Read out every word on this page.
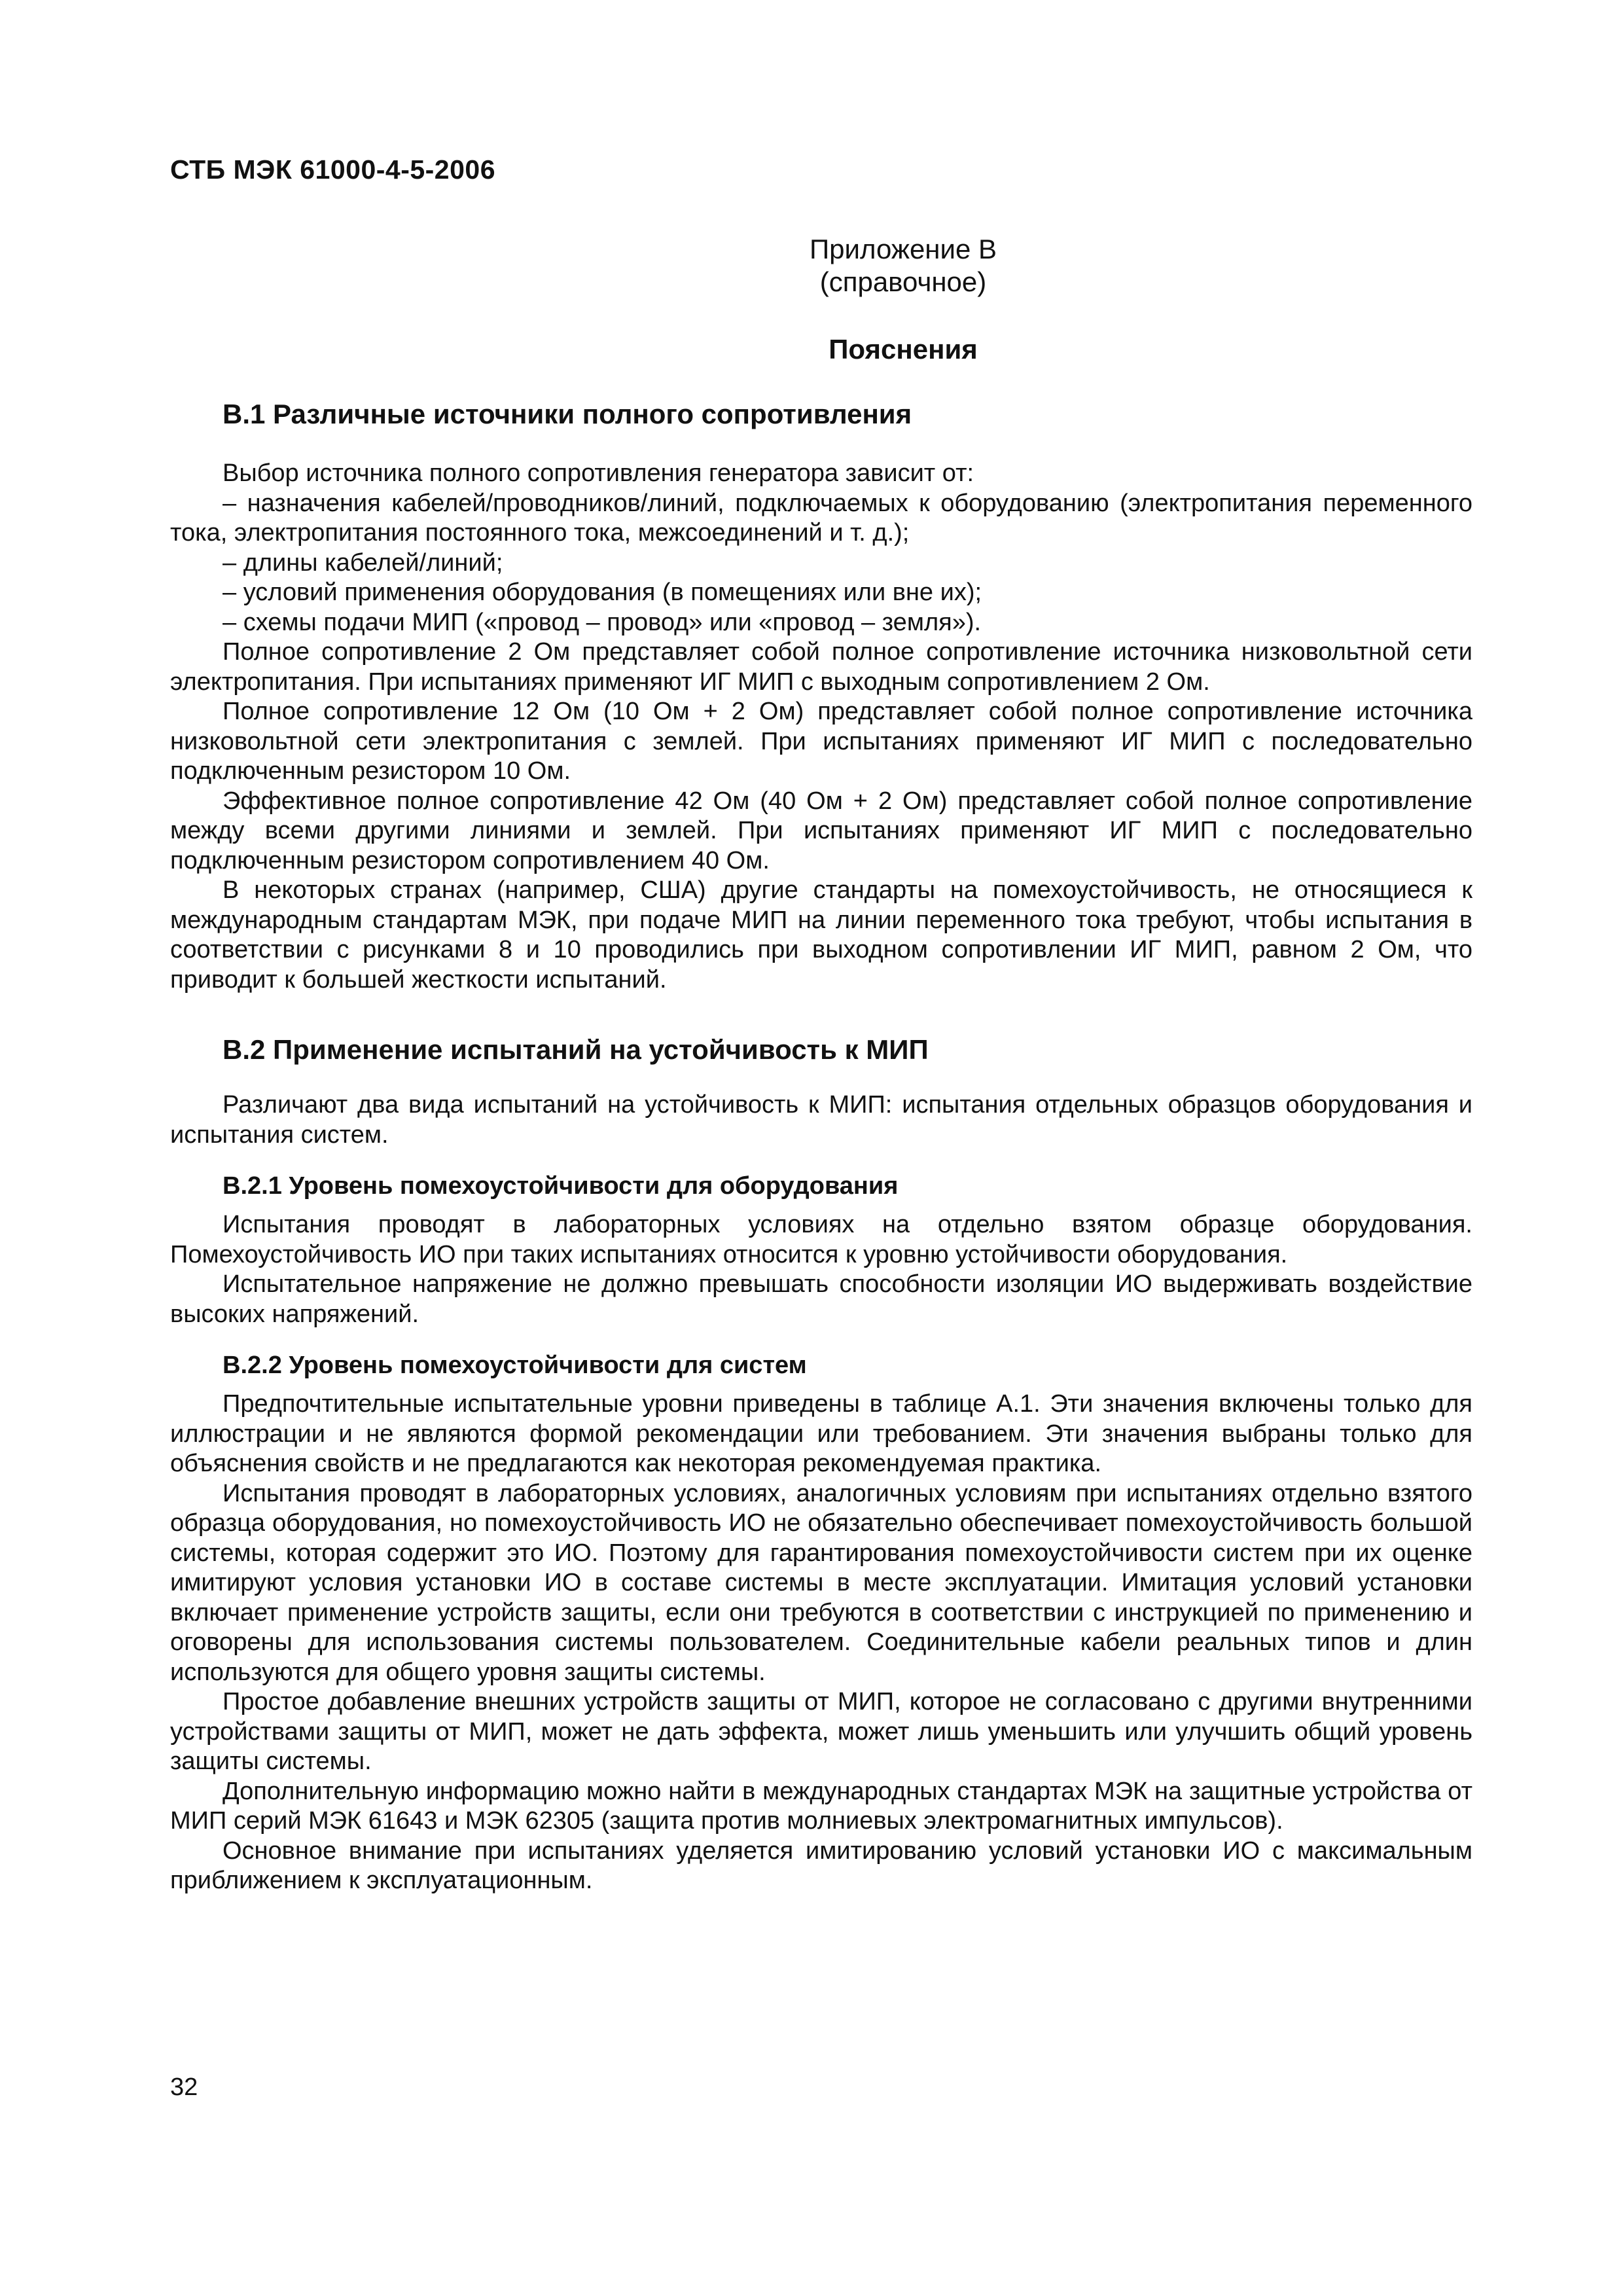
СТБ МЭК 61000-4-5-2006
Приложение В
(справочное)
Пояснения
В.1 Различные источники полного сопротивления

Выбор источника полного сопротивления генератора зависит от:

– назначения кабелей/проводников/линий, подключаемых к оборудованию (электропитания переменного тока, электропитания постоянного тока, межсоединений и т. д.);

– длины кабелей/линий;

– условий применения оборудования (в помещениях или вне их);

– схемы подачи МИП («провод – провод» или «провод – земля»).

Полное сопротивление 2 Ом представляет собой полное сопротивление источника низковольтной сети электропитания. При испытаниях применяют ИГ МИП с выходным сопротивлением 2 Ом.

Полное сопротивление 12 Ом (10 Ом + 2 Ом) представляет собой полное сопротивление источника низковольтной сети электропитания с землей. При испытаниях применяют ИГ МИП с последовательно подключенным резистором 10 Ом.

Эффективное полное сопротивление 42 Ом (40 Ом + 2 Ом) представляет собой полное сопротивление между всеми другими линиями и землей. При испытаниях применяют ИГ МИП с последовательно подключенным резистором сопротивлением 40 Ом.

В некоторых странах (например, США) другие стандарты на помехоустойчивость, не относящиеся к международным стандартам МЭК, при подаче МИП на линии переменного тока требуют, чтобы испытания в соответствии с рисунками 8 и 10 проводились при выходном сопротивлении ИГ МИП, равном 2 Ом, что приводит к большей жесткости испытаний.

В.2 Применение испытаний на устойчивость к МИП

Различают два вида испытаний на устойчивость к МИП: испытания отдельных образцов оборудования и испытания систем.

В.2.1 Уровень помехоустойчивости для оборудования

Испытания проводят в лабораторных условиях на отдельно взятом образце оборудования. Помехоустойчивость ИО при таких испытаниях относится к уровню устойчивости оборудования.

Испытательное напряжение не должно превышать способности изоляции ИО выдерживать воздействие высоких напряжений.

В.2.2 Уровень помехоустойчивости для систем

Предпочтительные испытательные уровни приведены в таблице А.1. Эти значения включены только для иллюстрации и не являются формой рекомендации или требованием. Эти значения выбраны только для объяснения свойств и не предлагаются как некоторая рекомендуемая практика.

Испытания проводят в лабораторных условиях, аналогичных условиям при испытаниях отдельно взятого образца оборудования, но помехоустойчивость ИО не обязательно обеспечивает помехоустойчивость большой системы, которая содержит это ИО. Поэтому для гарантирования помехоустойчивости систем при их оценке имитируют условия установки ИО в составе системы в месте эксплуатации. Имитация условий установки включает применение устройств защиты, если они требуются в соответствии с инструкцией по применению и оговорены для использования системы пользователем. Соединительные кабели реальных типов и длин используются для общего уровня защиты системы.

Простое добавление внешних устройств защиты от МИП, которое не согласовано с другими внутренними устройствами защиты от МИП, может не дать эффекта, может лишь уменьшить или улучшить общий уровень защиты системы.

Дополнительную информацию можно найти в международных стандартах МЭК на защитные устройства от МИП серий МЭК 61643 и МЭК 62305 (защита против молниевых электромагнитных импульсов).

Основное внимание при испытаниях уделяется имитированию условий установки ИО с максимальным приближением к эксплуатационным.

32
